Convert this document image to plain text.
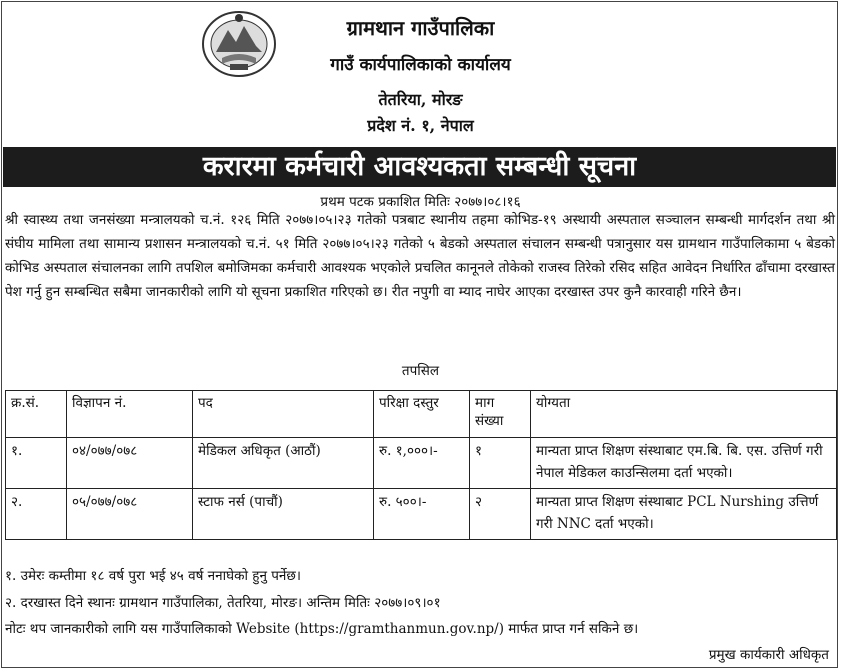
ग्रामथान गाउँपालिका
गाउँ कार्यपालिकाको कार्यालय
तेतरिया, मोरङ
प्रदेश नं. १, नेपाल
करारमा कर्मचारी आवश्यकता सम्बन्धी सूचना
प्रथम पटक प्रकाशित मितिः २०७७।०८।१६
श्री स्वास्थ्य तथा जनसंख्या मन्त्रालयको च.नं. १२६ मिति २०७७।०५।२३ गतेको पत्रबाट स्थानीय तहमा कोभिड-१९ अस्थायी अस्पताल सञ्चालन सम्बन्धी मार्गदर्शन तथा श्री संघीय मामिला तथा सामान्य प्रशासन मन्त्रालयको च.नं. ५१ मिति २०७७।०५।२३ गतेको ५ बेडको अस्पताल संचालन सम्बन्धी पत्रानुसार यस ग्रामथान गाउँपालिकामा ५ बेडको कोभिड अस्पताल संचालनका लागि तपशिल बमोजिमका कर्मचारी आवश्यक भएकोले प्रचलित कानूनले तोकेको राजस्व तिरेको रसिद सहित आवेदन निर्धारित ढाँचामा दरखास्त पेश गर्नु हुन सम्बन्धित सबैमा जानकारीको लागि यो सूचना प्रकाशित गरिएको छ। रीत नपुगी वा म्याद नाघेर आएका दरखास्त उपर कुनै कारवाही गरिने छैन।
तपसिल
क्र.सं.	विज्ञापन नं.	पद	परिक्षा दस्तुर	माग संख्या	योग्यता
१.	०४/०७७/०७८	मेडिकल अधिकृत (आठौं)	रु. १,०००।-	१	मान्यता प्राप्त शिक्षण संस्थाबाट एम.बि. बि. एस. उत्तिर्ण गरी नेपाल मेडिकल काउन्सिलमा दर्ता भएको।
२.	०५/०७७/०७८	स्टाफ नर्स (पाचौं)	रु. ५००।-	२	मान्यता प्राप्त शिक्षण संस्थाबाट PCL Nurshing उत्तिर्ण गरी NNC दर्ता भएको।
१. उमेरः कम्तीमा १८ वर्ष पुरा भई ४५ वर्ष ननाघेको हुनु पर्नेछ।
२. दरखास्त दिने स्थानः ग्रामथान गाउँपालिका, तेतरिया, मोरङ। अन्तिम मितिः २०७७।०९।०१
नोटः थप जानकारीको लागि यस गाउँपालिकाको Website (https://gramthanmun.gov.np/) मार्फत प्राप्त गर्न सकिने छ।
प्रमुख कार्यकारी अधिकृत
